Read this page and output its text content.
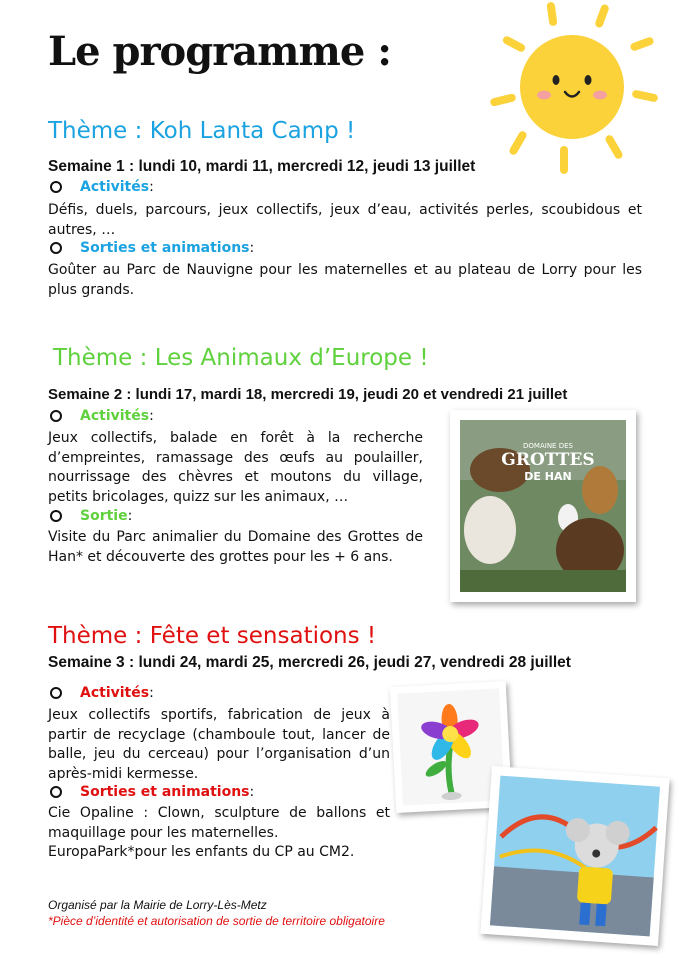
Le programme :
Thème : Koh Lanta Camp !
Semaine 1 : lundi 10, mardi 11, mercredi 12, jeudi 13 juillet
Activités :
Défis, duels, parcours, jeux collectifs, jeux d’eau, activités perles, scoubidous et autres, …
Sorties et animations :
Goûter au Parc de Nauvigne pour les maternelles et au plateau de Lorry pour les plus grands.
Thème : Les Animaux d’Europe !
Semaine 2 : lundi 17, mardi 18, mercredi 19, jeudi 20 et vendredi 21 juillet
Activités :
Jeux collectifs, balade en forêt à la recherche d’empreintes, ramassage des œufs au poulailler, nourrissage des chèvres et moutons du village, petits bricolages, quizz sur les animaux, …
Sortie :
Visite du Parc animalier du Domaine des Grottes de Han* et découverte des grottes pour les + 6 ans.
DOMAINE DES
GROTTES
DE HAN
Thème : Fête et sensations !
Semaine 3 : lundi 24, mardi 25, mercredi 26, jeudi 27, vendredi 28 juillet
Activités :
Jeux collectifs sportifs, fabrication de jeux à partir de recyclage (chamboule tout, lancer de balle, jeu du cerceau) pour l’organisation d’un après-midi kermesse.
Sorties et animations :
Cie Opaline : Clown, sculpture de ballons et maquillage pour les maternelles.
EuropaPark*pour les enfants du CP au CM2.
Organisé par la Mairie de Lorry-Lès-Metz
*Pièce d’identité et autorisation de sortie de territoire obligatoire
